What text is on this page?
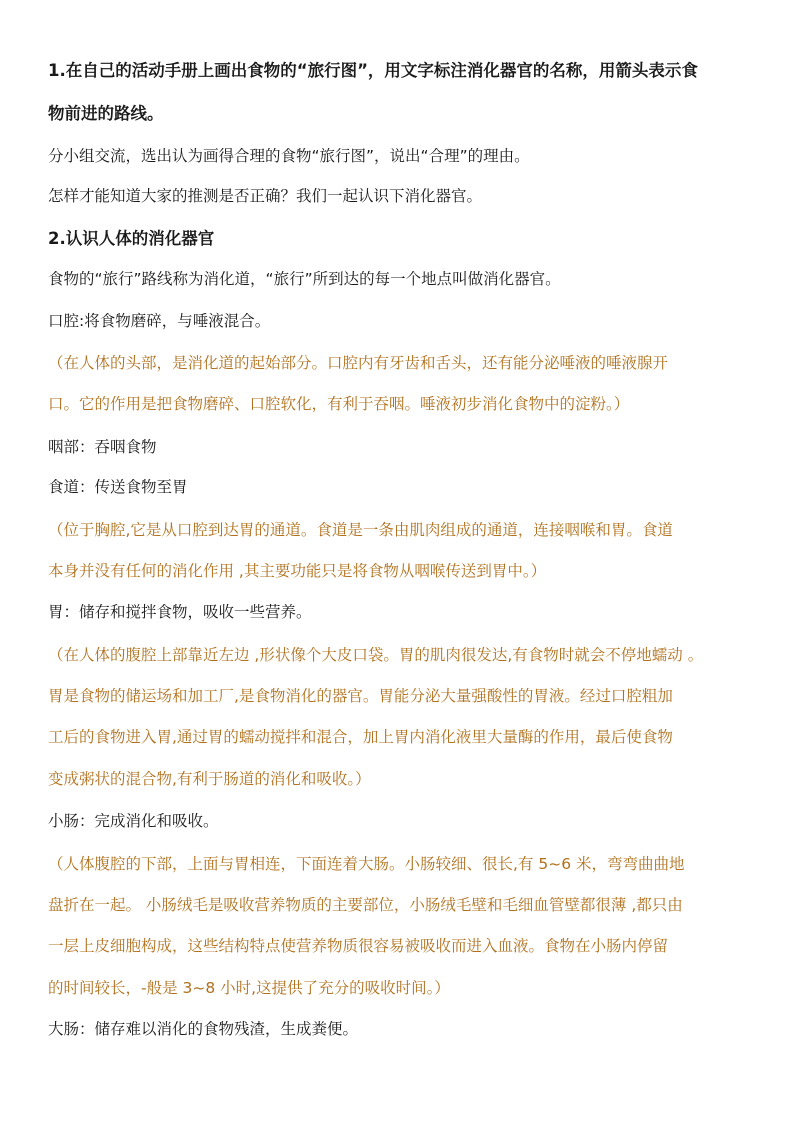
1.在自己的活动手册上画出食物的“旅行图”，用文字标注消化器官的名称，用箭头表示食

物前进的路线。

分小组交流，选出认为画得合理的食物“旅行图”，说出“合理”的理由。

怎样才能知道大家的推测是否正确？我们一起认识下消化器官。

2.认识人体的消化器官

食物的“旅行”路线称为消化道，“旅行”所到达的每一个地点叫做消化器官。

口腔:将食物磨碎，与唾液混合。

（在人体的头部，是消化道的起始部分。口腔内有牙齿和舌头，还有能分泌唾液的唾液腺开

口。它的作用是把食物磨碎、口腔软化，有利于吞咽。唾液初步消化食物中的淀粉。）

咽部：吞咽食物

食道：传送食物至胃

（位于胸腔,它是从口腔到达胃的通道。食道是一条由肌肉组成的通道，连接咽喉和胃。食道

本身并没有任何的消化作用 ,其主要功能只是将食物从咽喉传送到胃中。）

胃：储存和搅拌食物，吸收一些营养。

（在人体的腹腔上部靠近左边 ,形状像个大皮口袋。胃的肌肉很发达,有食物时就会不停地蠕动 。

胃是食物的储运场和加工厂,是食物消化的器官。胃能分泌大量强酸性的胃液。经过口腔粗加

工后的食物进入胃,通过胃的蠕动搅拌和混合，加上胃内消化液里大量酶的作用，最后使食物

变成粥状的混合物,有利于肠道的消化和吸收。）

小肠：完成消化和吸收。

（人体腹腔的下部，上面与胃相连，下面连着大肠。小肠较细、很长,有 5~6 米，弯弯曲曲地

盘折在一起。 小肠绒毛是吸收营养物质的主要部位，小肠绒毛壁和毛细血管壁都很薄 ,都只由

一层上皮细胞构成，这些结构特点使营养物质很容易被吸收而进入血液。食物在小肠内停留

的时间较长，-般是 3~8 小时,这提供了充分的吸收时间。）

大肠：储存难以消化的食物残渣，生成粪便。
